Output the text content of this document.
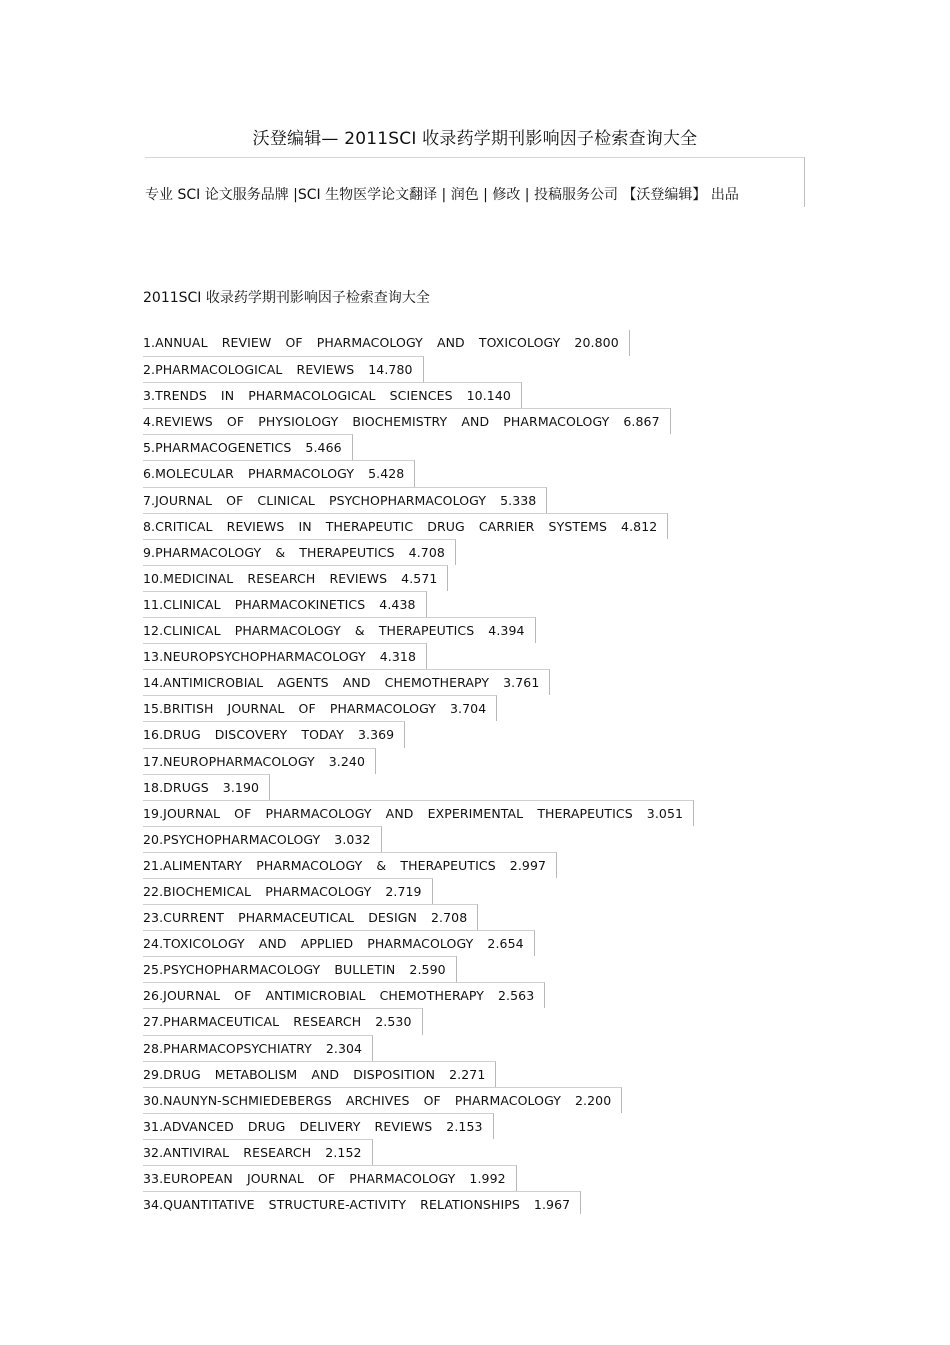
沃登编辑— 2011SCI 收录药学期刊影响因子检索查询大全
专业 SCI 论文服务品牌 |SCI 生物医学论文翻译 | 润色 | 修改 | 投稿服务公司 【沃登编辑】 出品
2011SCI 收录药学期刊影响因子检索查询大全
1.ANNUAL REVIEW OF PHARMACOLOGY AND TOXICOLOGY 20.800
2.PHARMACOLOGICAL REVIEWS 14.780
3.TRENDS IN PHARMACOLOGICAL SCIENCES 10.140
4.REVIEWS OF PHYSIOLOGY BIOCHEMISTRY AND PHARMACOLOGY 6.867
5.PHARMACOGENETICS 5.466
6.MOLECULAR PHARMACOLOGY 5.428
7.JOURNAL OF CLINICAL PSYCHOPHARMACOLOGY 5.338
8.CRITICAL REVIEWS IN THERAPEUTIC DRUG CARRIER SYSTEMS 4.812
9.PHARMACOLOGY & THERAPEUTICS 4.708
10.MEDICINAL RESEARCH REVIEWS 4.571
11.CLINICAL PHARMACOKINETICS 4.438
12.CLINICAL PHARMACOLOGY & THERAPEUTICS 4.394
13.NEUROPSYCHOPHARMACOLOGY 4.318
14.ANTIMICROBIAL AGENTS AND CHEMOTHERAPY 3.761
15.BRITISH JOURNAL OF PHARMACOLOGY 3.704
16.DRUG DISCOVERY TODAY 3.369
17.NEUROPHARMACOLOGY 3.240
18.DRUGS 3.190
19.JOURNAL OF PHARMACOLOGY AND EXPERIMENTAL THERAPEUTICS 3.051
20.PSYCHOPHARMACOLOGY 3.032
21.ALIMENTARY PHARMACOLOGY & THERAPEUTICS 2.997
22.BIOCHEMICAL PHARMACOLOGY 2.719
23.CURRENT PHARMACEUTICAL DESIGN 2.708
24.TOXICOLOGY AND APPLIED PHARMACOLOGY 2.654
25.PSYCHOPHARMACOLOGY BULLETIN 2.590
26.JOURNAL OF ANTIMICROBIAL CHEMOTHERAPY 2.563
27.PHARMACEUTICAL RESEARCH 2.530
28.PHARMACOPSYCHIATRY 2.304
29.DRUG METABOLISM AND DISPOSITION 2.271
30.NAUNYN-SCHMIEDEBERGS ARCHIVES OF PHARMACOLOGY 2.200
31.ADVANCED DRUG DELIVERY REVIEWS 2.153
32.ANTIVIRAL RESEARCH 2.152
33.EUROPEAN JOURNAL OF PHARMACOLOGY 1.992
34.QUANTITATIVE STRUCTURE-ACTIVITY RELATIONSHIPS 1.967
